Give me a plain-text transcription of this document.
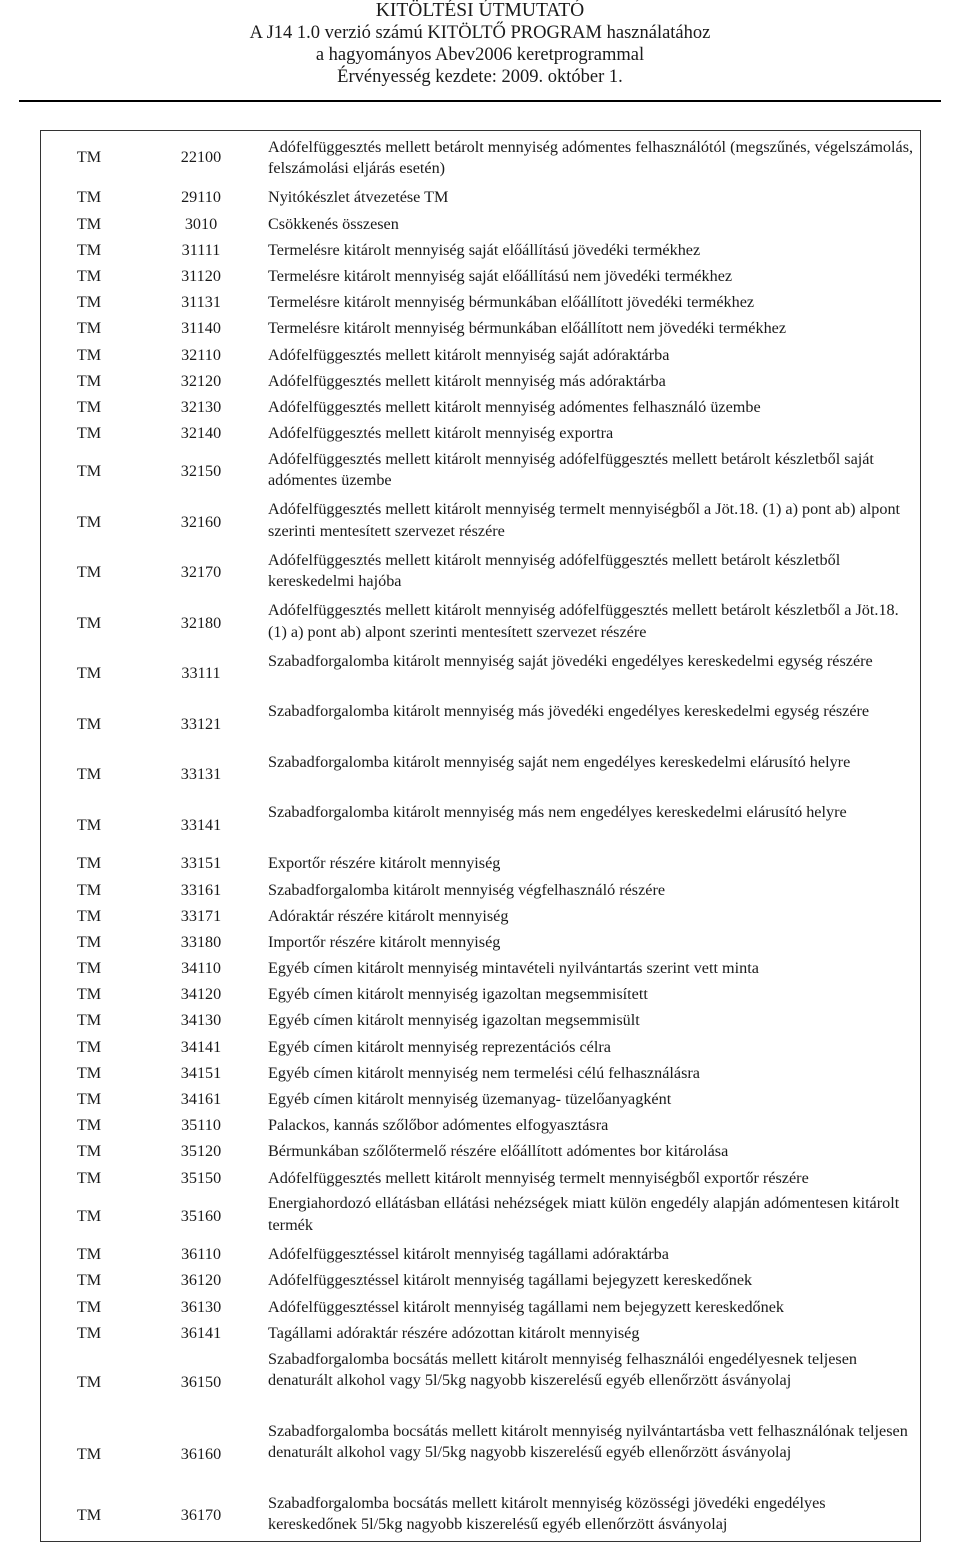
KITÖLTÉSI ÚTMUTATÓ
A J14 1.0 verzió számú KITÖLTŐ PROGRAM használatához
a hagyományos Abev2006 keretprogrammal
Érvényesség kezdete: 2009. október 1.
TM	22100	Adófelfüggesztés mellett betárolt mennyiség adómentes felhasználótól (megszűnés, végelszámolás, felszámolási eljárás esetén)
TM	29110	Nyitókészlet átvezetése TM
TM	3010	Csökkenés összesen
TM	31111	Termelésre kitárolt mennyiség saját előállítású jövedéki termékhez
TM	31120	Termelésre kitárolt mennyiség saját előállítású nem jövedéki termékhez
TM	31131	Termelésre kitárolt mennyiség bérmunkában előállított jövedéki termékhez
TM	31140	Termelésre kitárolt mennyiség bérmunkában előállított nem jövedéki termékhez
TM	32110	Adófelfüggesztés mellett kitárolt mennyiség saját adóraktárba
TM	32120	Adófelfüggesztés mellett kitárolt mennyiség más adóraktárba
TM	32130	Adófelfüggesztés mellett kitárolt mennyiség adómentes felhasználó üzembe
TM	32140	Adófelfüggesztés mellett kitárolt mennyiség exportra
TM	32150	Adófelfüggesztés mellett kitárolt mennyiség adófelfüggesztés mellett betárolt készletből saját adómentes üzembe
TM	32160	Adófelfüggesztés mellett kitárolt mennyiség termelt mennyiségből a Jöt.18. (1) a) pont ab) alpont szerinti mentesített szervezet részére
TM	32170	Adófelfüggesztés mellett kitárolt mennyiség adófelfüggesztés mellett betárolt készletből kereskedelmi hajóba
TM	32180	Adófelfüggesztés mellett kitárolt mennyiség adófelfüggesztés mellett betárolt készletből a Jöt.18. (1) a) pont ab) alpont szerinti mentesített szervezet részére
TM	33111	Szabadforgalomba kitárolt mennyiség saját jövedéki engedélyes kereskedelmi egység részére
TM	33121	Szabadforgalomba kitárolt mennyiség más jövedéki engedélyes kereskedelmi egység részére
TM	33131	Szabadforgalomba kitárolt mennyiség saját nem engedélyes kereskedelmi elárusító helyre
TM	33141	Szabadforgalomba kitárolt mennyiség más nem engedélyes kereskedelmi elárusító helyre
TM	33151	Exportőr részére kitárolt mennyiség
TM	33161	Szabadforgalomba kitárolt mennyiség végfelhasználó részére
TM	33171	Adóraktár részére kitárolt mennyiség
TM	33180	Importőr részére kitárolt mennyiség
TM	34110	Egyéb címen kitárolt mennyiség mintavételi nyilvántartás szerint vett minta
TM	34120	Egyéb címen kitárolt mennyiség igazoltan megsemmisített
TM	34130	Egyéb címen kitárolt mennyiség igazoltan megsemmisült
TM	34141	Egyéb címen kitárolt mennyiség reprezentációs célra
TM	34151	Egyéb címen kitárolt mennyiség nem termelési célú felhasználásra
TM	34161	Egyéb címen kitárolt mennyiség üzemanyag- tüzelőanyagként
TM	35110	Palackos, kannás szőlőbor adómentes elfogyasztásra
TM	35120	Bérmunkában szőlőtermelő részére előállított adómentes bor kitárolása
TM	35150	Adófelfüggesztés mellett kitárolt mennyiség termelt mennyiségből exportőr részére
TM	35160	Energiahordozó ellátásban ellátási nehézségek miatt külön engedély alapján adómentesen kitárolt termék
TM	36110	Adófelfüggesztéssel kitárolt mennyiség tagállami adóraktárba
TM	36120	Adófelfüggesztéssel kitárolt mennyiség tagállami bejegyzett kereskedőnek
TM	36130	Adófelfüggesztéssel kitárolt mennyiség tagállami nem bejegyzett kereskedőnek
TM	36141	Tagállami adóraktár részére adózottan kitárolt mennyiség
TM	36150	Szabadforgalomba bocsátás mellett kitárolt mennyiség felhasználói engedélyesnek teljesen denaturált alkohol vagy 5l/5kg nagyobb kiszerelésű egyéb ellenőrzött ásványolaj
TM	36160	Szabadforgalomba bocsátás mellett kitárolt mennyiség nyilvántartásba vett felhasználónak teljesen denaturált alkohol vagy 5l/5kg nagyobb kiszerelésű egyéb ellenőrzött ásványolaj
TM	36170	Szabadforgalomba bocsátás mellett kitárolt mennyiség közösségi jövedéki engedélyes kereskedőnek 5l/5kg nagyobb kiszerelésű egyéb ellenőrzött ásványolaj
